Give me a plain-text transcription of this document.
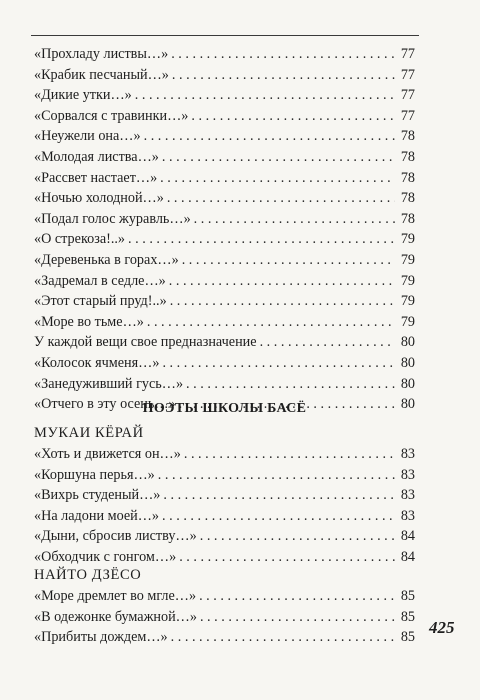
«Прохладу листвы…» . . .	77
«Крабик песчаный…» . . .	77
«Дикие утки…» . . .	77
«Сорвался с травинки…» . . .	77
«Неужели она…» . . .	78
«Молодая листва…» . . .	78
«Рассвет настает…» . . .	78
«Ночью холодной…» . . .	78
«Подал голос журавль…» . . .	78
«О стрекоза!..» . . .	79
«Деревенька в горах…» . . .	79
«Задремал в седле…» . . .	79
«Этот старый пруд!..» . . .	79
«Море во тьме…» . . .	79
У каждой вещи свое предназначение . . .	80
«Колосок ячменя…» . . .	80
«Занедуживший гусь…» . . .	80
«Отчего в эту осень…» . . .	80
ПОЭТЫ ШКОЛЫ БАСЁ
МУКАИ КЁРАЙ
«Хоть и движется он…» . . .	83
«Коршуна перья…» . . .	83
«Вихрь студеный…» . . .	83
«На ладони моей…» . . .	83
«Дыни, сбросив листву…» . . .	84
«Обходчик с гонгом…» . . .	84
НАЙТО ДЗЁСО
«Море дремлет во мгле…» . . .	85
«В одежонке бумажной…» . . .	85
«Прибиты дождем…» . . .	85
425
